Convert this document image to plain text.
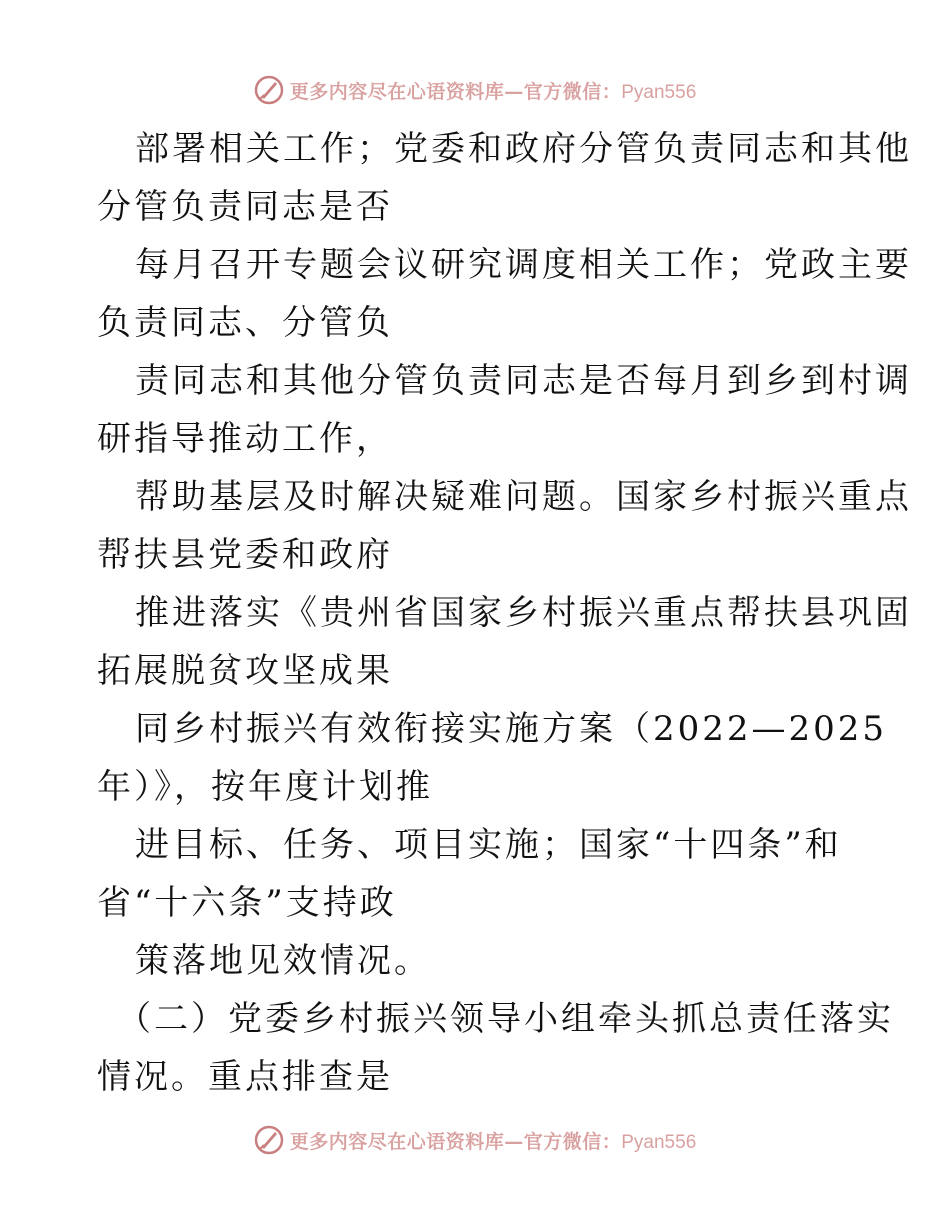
更多内容尽在心语资料库—官方微信：Pyan556

部署相关工作；党委和政府分管负责同志和其他
分管负责同志是否

每月召开专题会议研究调度相关工作；党政主要
负责同志、分管负

责同志和其他分管负责同志是否每月到乡到村调
研指导推动工作，

帮助基层及时解决疑难问题。国家乡村振兴重点
帮扶县党委和政府

推进落实《贵州省国家乡村振兴重点帮扶县巩固
拓展脱贫攻坚成果

同乡村振兴有效衔接实施方案（2022—2025
年）》，按年度计划推

进目标、任务、项目实施；国家“十四条”和
省“十六条”支持政

策落地见效情况。

（二）党委乡村振兴领导小组牵头抓总责任落实
情况。重点排查是

更多内容尽在心语资料库—官方微信：Pyan556
